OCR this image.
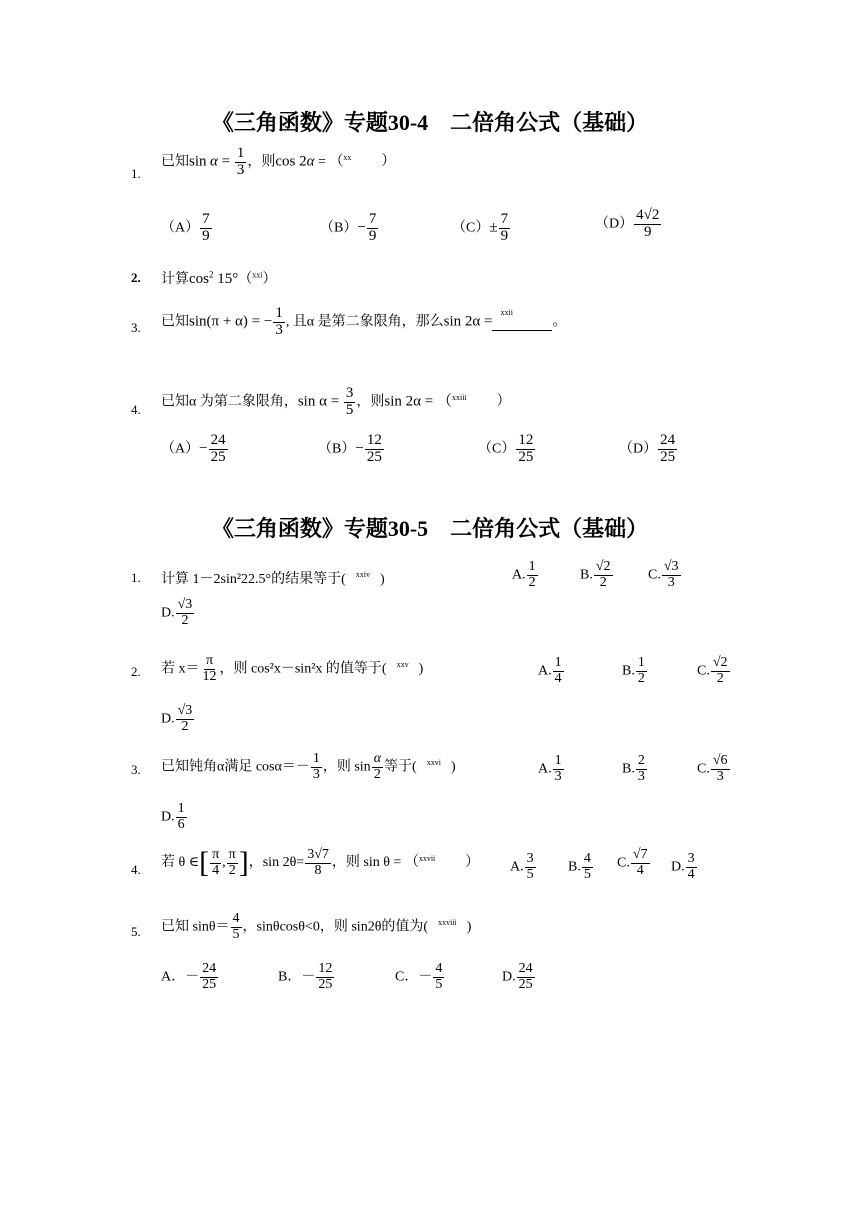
《三角函数》专题30-4　二倍角公式（基础）
1.
已知$\sin \alpha = \frac{1}{3}$ ，则cos 2α = （$^{xx}$ ）
$(A) \frac{7}{9}$	$(B)- \frac{7}{9}$	$(C)\pm \frac{7}{9}$	$(D) \frac{4√2}{9}$
2. 计算$\cos^2 15^\circ(^{xxi})$
3. 已知sin(π + α) = − $\frac{1}{3}$ , 且α 是第二象限角，那么sin 2α =
xxii
。
4.
已知α 为第二象限角，$\sin \alpha = \frac{3}{5}$ ，则sin 2α = （$^{xxiii}$ ）
$(A)- \frac{24}{25}$	$(B)- \frac{12}{25}$	$(C) \frac{12}{25}$	$(D) \frac{24}{25}$
《三角函数》专题30-5　二倍角公式（基础）
1. 计算 1－2sin²22.5°的结果等于( $^{xxiv}$ )	A. $\frac{1}{2}$	B. $\frac{√2}{2}$	C. $\frac{√3}{3}$
D. $\frac{√3}{2}$
2. 若 $x= \frac{\pi}{12}$ ，则 cos²x－sin²x 的值等于( $^{xxv}$ )	A. $\frac{1}{4}$	B. $\frac{1}{2}$	C. $\frac{√2}{2}$
D. $\frac{√3}{2}$
3. 已知钝角α满足 $\cos\alpha=- \frac{1}{3}$ ，则 $\sin \frac{\alpha}{2}$ 等于( $^{xxvi}$ )	A. $\frac{1}{3}$	B. $\frac{2}{3}$	C. $\frac{√6}{3}$
D. $\frac{1}{6}$
4. 若 θ ∈[ $\frac{\pi}{4}$ , $\frac{\pi}{2}$ ]，$\sin 2\theta= \frac{3√7}{8}$ ，则 sin θ = （$^{xxvii}$ ） A. $\frac{3}{5} B$. $\frac{4}{5} C$. $\frac{√7}{4} D$. $\frac{3}{4}$
5. 已知 $\sin\theta= \frac{4}{5}$ ，sinθcosθ<0，则 sin2θ的值为( $^{xxviii}$ )
A．－ $\frac{24}{25}$	B．－ $\frac{12}{25}$	C．－ $\frac{4}{5}$	D. $\frac{24}{25}$
